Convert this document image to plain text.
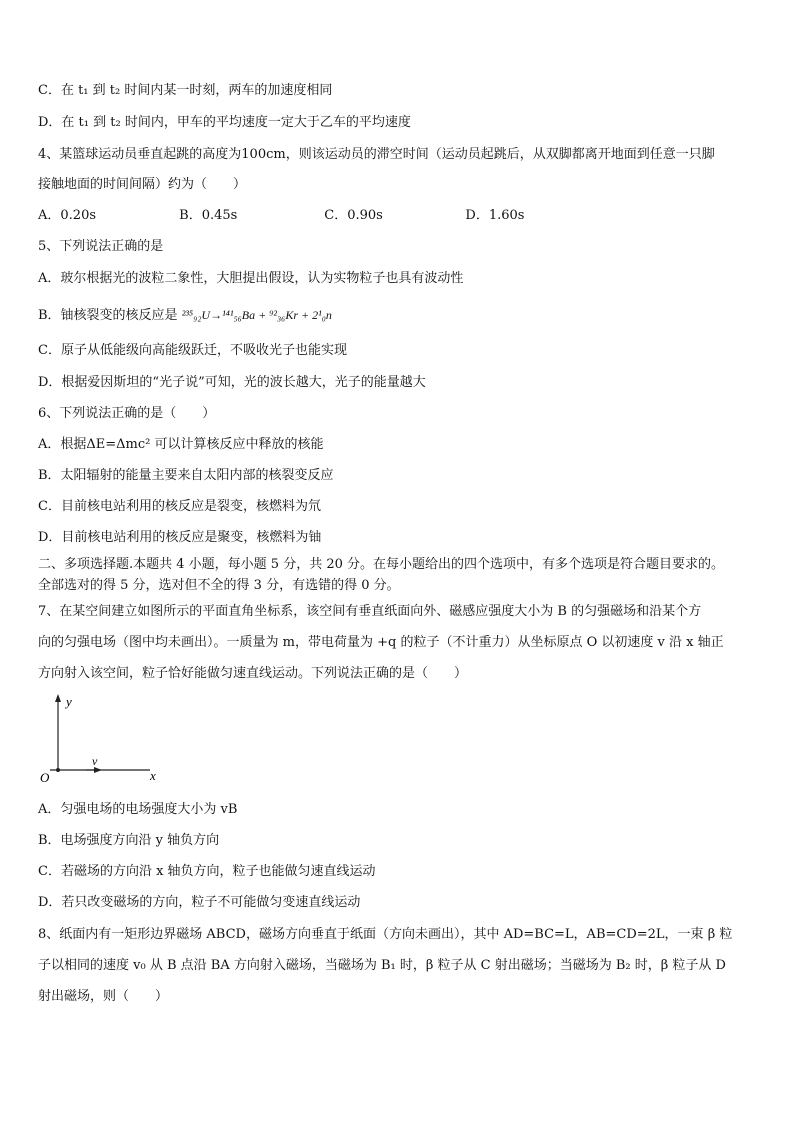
C．在 t₁ 到 t₂ 时间内某一时刻，两车的加速度相同
D．在 t₁ 到 t₂ 时间内，甲车的平均速度一定大于乙车的平均速度
4、某篮球运动员垂直起跳的高度为100cm，则该运动员的滞空时间（运动员起跳后，从双脚都离开地面到任意一只脚
接触地面的时间间隔）约为（　　）
A．0.20s	B．0.45s	C．0.90s	D．1.60s
5、下列说法正确的是
A．玻尔根据光的波粒二象性，大胆提出假设，认为实物粒子也具有波动性
B．铀核裂变的核反应是 ²³⁵₉₂U→¹⁴¹₅₆Ba + ⁹²₃₆Kr + 2¹₀n
C．原子从低能级向高能级跃迁，不吸收光子也能实现
D．根据爱因斯坦的“光子说”可知，光的波长越大，光子的能量越大
6、下列说法正确的是（　　）
A．根据ΔE=Δmc² 可以计算核反应中释放的核能
B．太阳辐射的能量主要来自太阳内部的核裂变反应
C．目前核电站利用的核反应是裂变，核燃料为氘
D．目前核电站利用的核反应是聚变，核燃料为铀
二、多项选择题.本题共 4 小题，每小题 5 分，共 20 分。在每小题给出的四个选项中，有多个选项是符合题目要求的。
全部选对的得 5 分，选对但不全的得 3 分，有选错的得 0 分。
7、在某空间建立如图所示的平面直角坐标系，该空间有垂直纸面向外、磁感应强度大小为 B 的匀强磁场和沿某个方
向的匀强电场（图中均未画出）。一质量为 m，带电荷量为 +q 的粒子（不计重力）从坐标原点 O 以初速度 v 沿 x 轴正
方向射入该空间，粒子恰好能做匀速直线运动。下列说法正确的是（　　）
y
x
O
v
A．匀强电场的电场强度大小为 vB
B．电场强度方向沿 y 轴负方向
C．若磁场的方向沿 x 轴负方向，粒子也能做匀速直线运动
D．若只改变磁场的方向，粒子不可能做匀变速直线运动
8、纸面内有一矩形边界磁场 ABCD，磁场方向垂直于纸面（方向未画出），其中 AD=BC=L，AB=CD=2L，一束 β 粒
子以相同的速度 v₀ 从 B 点沿 BA 方向射入磁场，当磁场为 B₁ 时，β 粒子从 C 射出磁场；当磁场为 B₂ 时，β 粒子从 D
射出磁场，则（　　）
